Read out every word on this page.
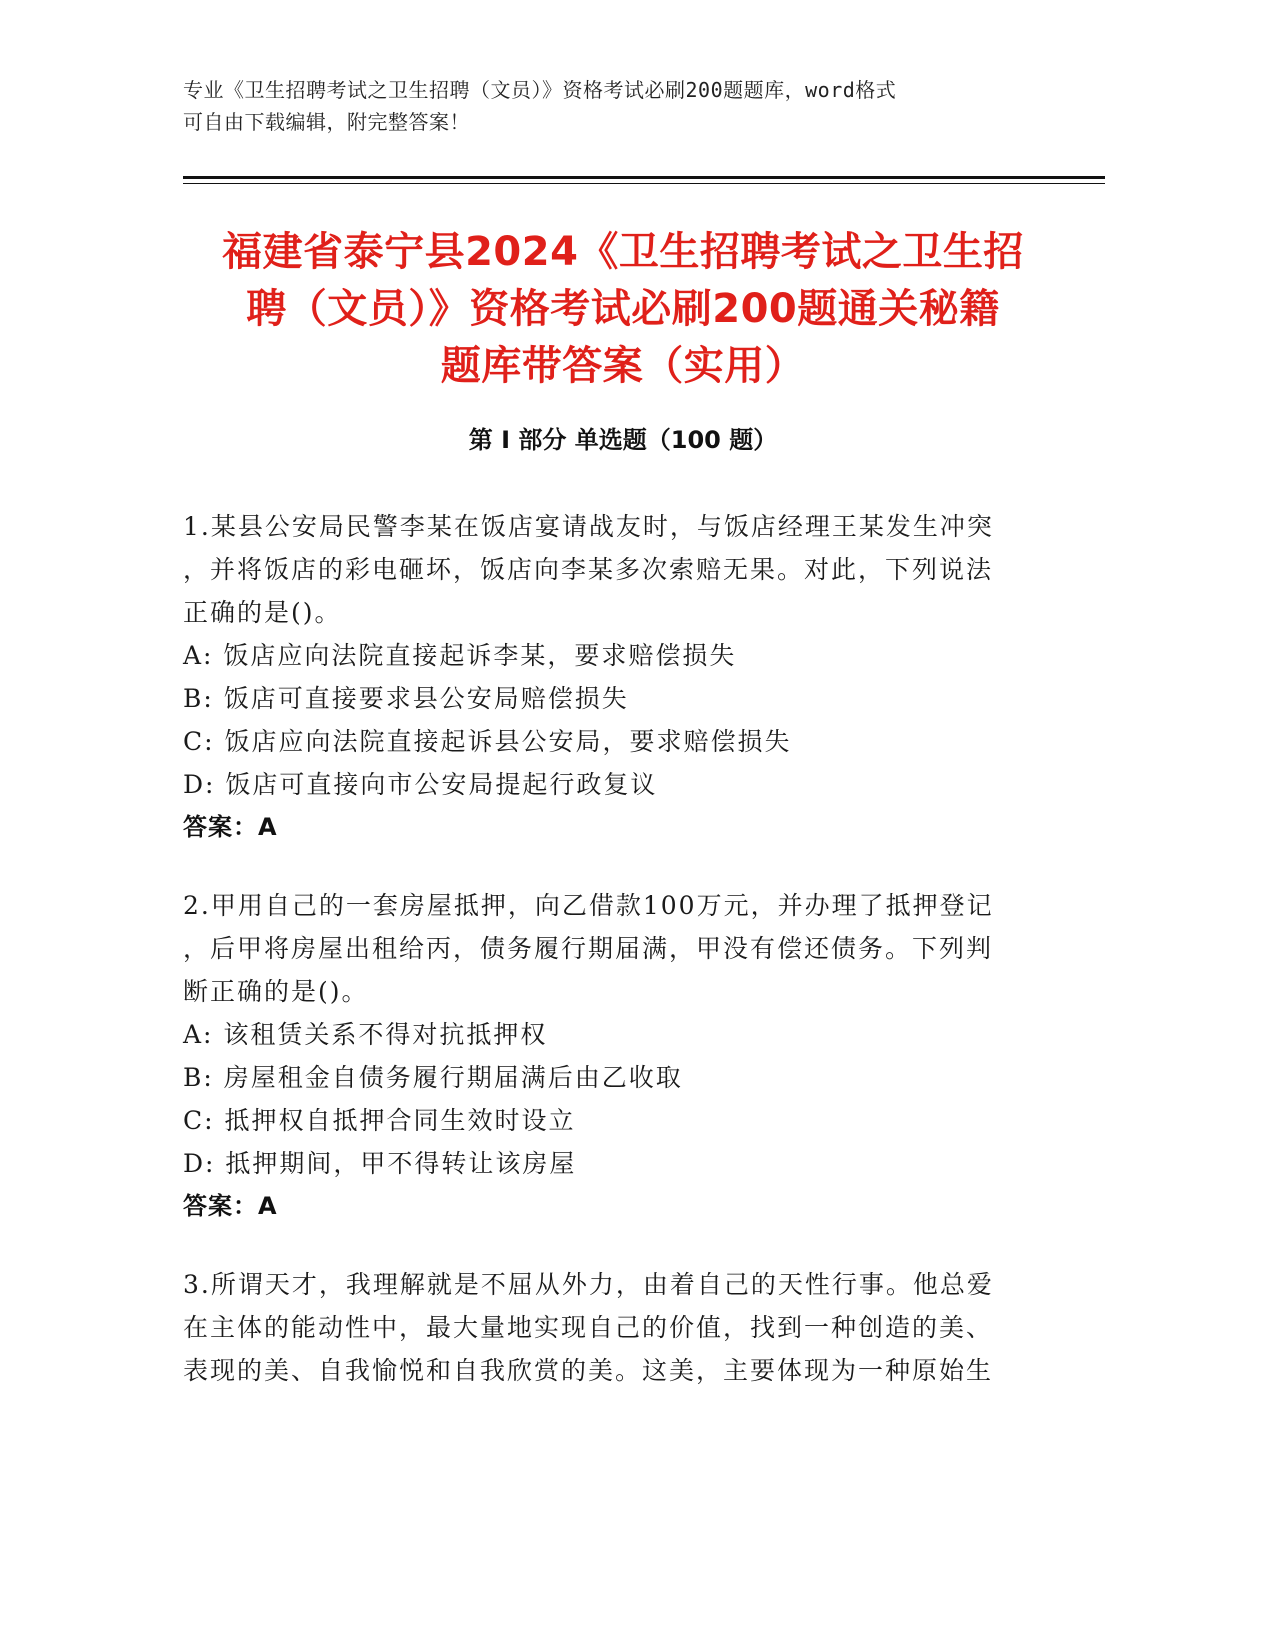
专业《卫生招聘考试之卫生招聘（文员）》资格考试必刷200题题库，word格式
可自由下载编辑，附完整答案！
福建省泰宁县2024《卫生招聘考试之卫生招
聘（文员）》资格考试必刷200题通关秘籍
题库带答案（实用）
第 I 部分 单选题（100 题）
1.某县公安局民警李某在饭店宴请战友时，与饭店经理王某发生冲突
，并将饭店的彩电砸坏，饭店向李某多次索赔无果。对此，下列说法
正确的是()。
A: 饭店应向法院直接起诉李某，要求赔偿损失
B: 饭店可直接要求县公安局赔偿损失
C: 饭店应向法院直接起诉县公安局，要求赔偿损失
D: 饭店可直接向市公安局提起行政复议
答案：A
2.甲用自己的一套房屋抵押，向乙借款100万元，并办理了抵押登记
，后甲将房屋出租给丙，债务履行期届满，甲没有偿还债务。下列判
断正确的是()。
A: 该租赁关系不得对抗抵押权
B: 房屋租金自债务履行期届满后由乙收取
C: 抵押权自抵押合同生效时设立
D: 抵押期间，甲不得转让该房屋
答案：A
3.所谓天才，我理解就是不屈从外力，由着自己的天性行事。他总爱
在主体的能动性中，最大量地实现自己的价值，找到一种创造的美、
表现的美、自我愉悦和自我欣赏的美。这美，主要体现为一种原始生
